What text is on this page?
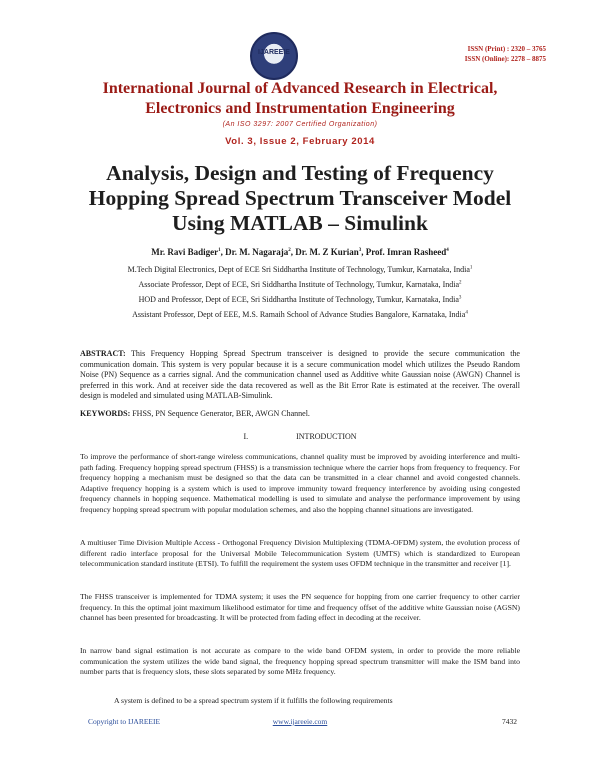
IJAREEIE	ISSN (Print) : 2320 – 3765
ISSN (Online): 2278 – 8875
International Journal of Advanced Research in Electrical,
Electronics and Instrumentation Engineering
(An ISO 3297: 2007 Certified Organization)
Vol. 3, Issue 2, February 2014
Analysis, Design and Testing of Frequency
Hopping Spread Spectrum Transceiver Model
Using MATLAB – Simulink
Mr. Ravi Badiger$^1$, Dr. M. Nagaraja$^2$, Dr. M. Z Kurian$^3$, Prof. Imran Rasheed$^4$
M.Tech Digital Electronics, Dept of ECE Sri Siddhartha Institute of Technology, Tumkur, Karnataka, India$^1$
Associate Professor, Dept of ECE, Sri Siddhartha Institute of Technology, Tumkur, Karnataka, India$^2$
HOD and Professor, Dept of ECE, Sri Siddhartha Institute of Technology, Tumkur, Karnataka, India$^3$
Assistant Professor, Dept of EEE, M.S. Ramaih School of Advance Studies Bangalore, Karnataka, India$^4$
ABSTRACT: This Frequency Hopping Spread Spectrum transceiver is designed to provide the secure communication the communication domain. This system is very popular because it is a secure communication model which utilizes the Pseudo Random Noise (PN) Sequence as a carries signal. And the communication channel used as Additive white Gaussian noise (AWGN) Channel is preferred in this work. And at receiver side the data recovered as well as the Bit Error Rate is estimated at the receiver. The overall design is modeled and simulated using MATLAB-Simulink.
KEYWORDS: FHSS, PN Sequence Generator, BER, AWGN Channel.
I.	INTRODUCTION
To improve the performance of short-range wireless communications, channel quality must be improved by avoiding interference and multi-path fading. Frequency hopping spread spectrum (FHSS) is a transmission technique where the carrier hops from frequency to frequency. For frequency hopping a mechanism must be designed so that the data can be transmitted in a clear channel and avoid congested channels. Adaptive frequency hopping is a system which is used to improve immunity toward frequency interference by avoiding using congested frequency channels in hopping sequence. Mathematical modelling is used to simulate and analyse the performance improvement by using frequency hopping spread spectrum with popular modulation schemes, and also the hopping channel situations are investigated.
A multiuser Time Division Multiple Access - Orthogonal Frequency Division Multiplexing (TDMA-OFDM) system, the evolution process of different radio interface proposal for the Universal Mobile Telecommunication System (UMTS) which is standardized to European telecommunication standard institute (ETSI). To fulfill the requirement the system uses OFDM technique in the transmitter and receiver [1].
The FHSS transceiver is implemented for TDMA system; it uses the PN sequence for hopping from one carrier frequency to other carrier frequency. In this the optimal joint maximum likelihood estimator for time and frequency offset of the additive white Gaussian noise (AGSN) channel has been presented for broadcasting. It will be protected from fading effect in decoding at the receiver.
In narrow band signal estimation is not accurate as compare to the wide band OFDM system, in order to provide the more reliable communication the system utilizes the wide band signal, the frequency hopping spread spectrum transmitter will make the ISM band into number parts that is frequency slots, these slots separated by some MHz frequency.
A system is defined to be a spread spectrum system if it fulfills the following requirements
Copyright to IJAREEIE	www.ijareeie.com	7432
